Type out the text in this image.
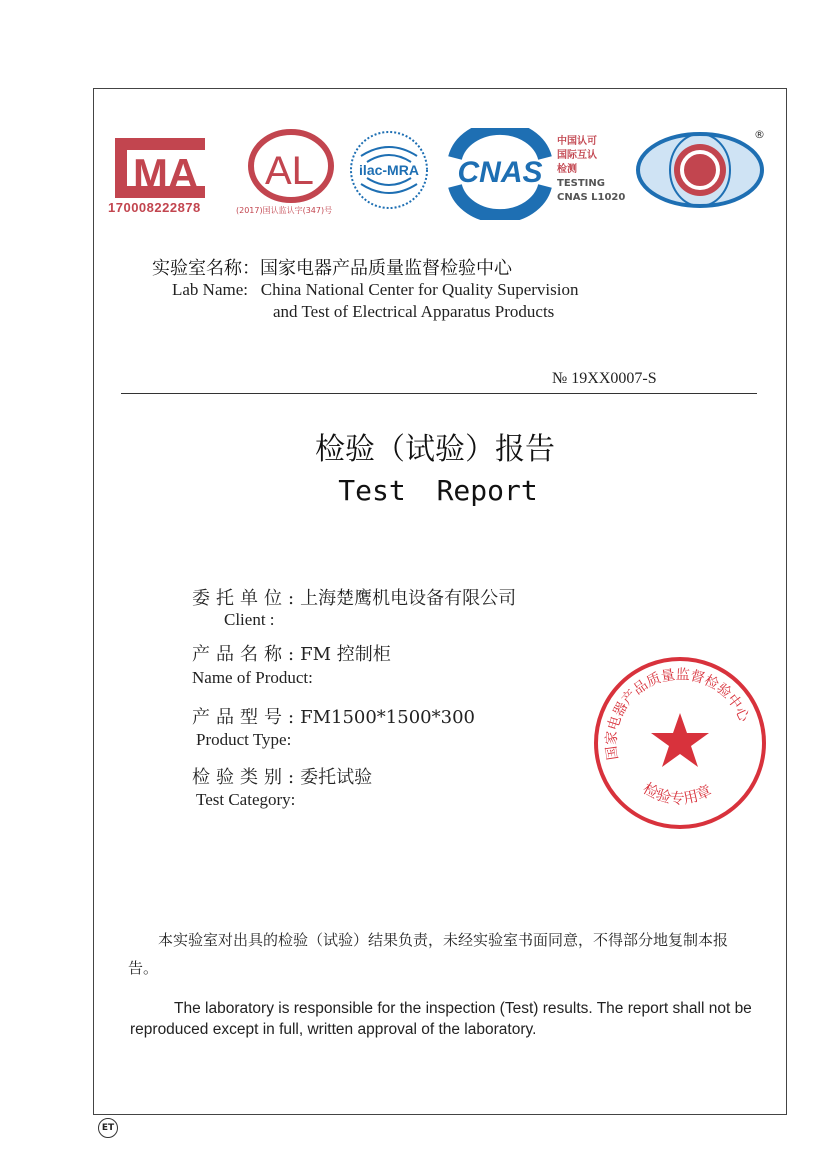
MA AL	ilac-MRA CNAS
170008222878	(2017)国认监认字(347)号
中国认可
国际互认
检测
TESTING
CNAS L1020
®
实验室名称：国家电器产品质量监督检验中心
Lab Name: China National Center for Quality Supervision
and Test of Electrical Apparatus Products
№ 19XX0007-S
检验（试验）报告
Test Report
委托单位:上海楚鹰机电设备有限公司
Client :
产品名称:FM 控制柜
Name of Product:
产品型号:FM1500*1500*300
Product Type:
检验类别:委托试验
Test Category:
国家电器产品质量监督检验中心
检验专用章
本实验室对出具的检验（试验）结果负责，未经实验室书面同意，不得部分地复制本报告。
The laboratory is responsible for the inspection (Test) results. The report shall not be reproduced except in full, written approval of the laboratory.
ET
